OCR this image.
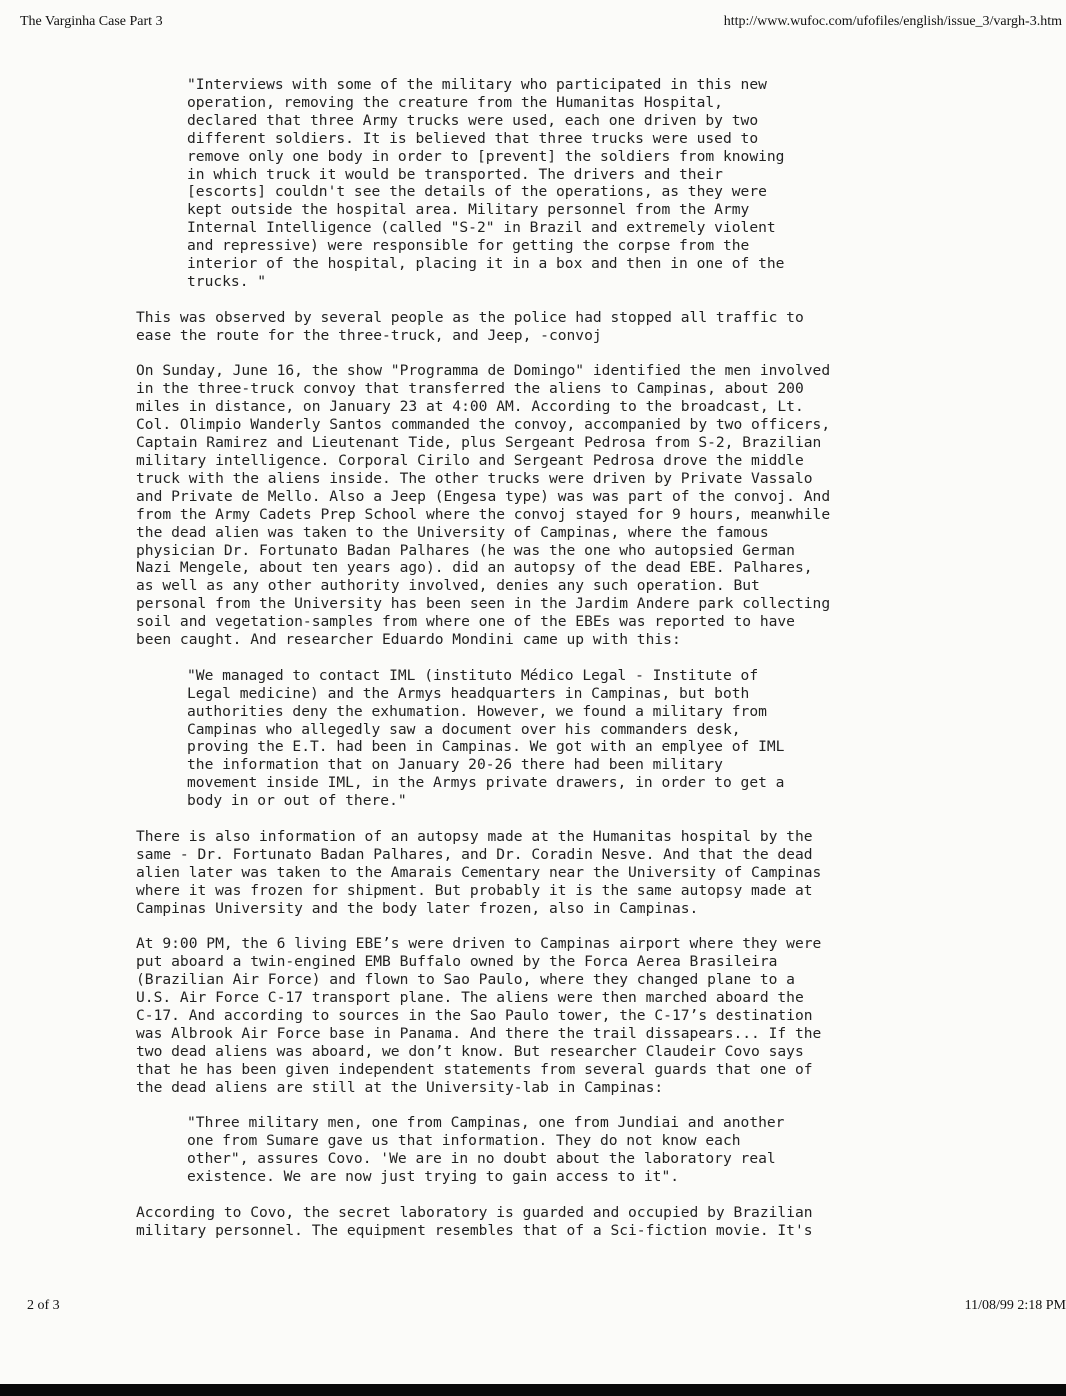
The Varginha Case Part 3	http://www.wufoc.com/ufofiles/english/issue_3/vargh-3.htm

"Interviews with some of the military who participated in this new
operation, removing the creature from the Humanitas Hospital,
declared that three Army trucks were used, each one driven by two
different soldiers. It is believed that three trucks were used to
remove only one body in order to [prevent] the soldiers from knowing
in which truck it would be transported. The drivers and their
[escorts] couldn't see the details of the operations, as they were
kept outside the hospital area. Military personnel from the Army
Internal Intelligence (called "S-2" in Brazil and extremely violent
and repressive) were responsible for getting the corpse from the
interior of the hospital, placing it in a box and then in one of the
trucks. "

This was observed by several people as the police had stopped all traffic to
ease the route for the three-truck, and Jeep, -convoj

On Sunday, June 16, the show "Programma de Domingo" identified the men involved
in the three-truck convoy that transferred the aliens to Campinas, about 200
miles in distance, on January 23 at 4:00 AM. According to the broadcast, Lt.
Col. Olimpio Wanderly Santos commanded the convoy, accompanied by two officers,
Captain Ramirez and Lieutenant Tide, plus Sergeant Pedrosa from S-2, Brazilian
military intelligence. Corporal Cirilo and Sergeant Pedrosa drove the middle
truck with the aliens inside. The other trucks were driven by Private Vassalo
and Private de Mello. Also a Jeep (Engesa type) was was part of the convoj. And
from the Army Cadets Prep School where the convoj stayed for 9 hours, meanwhile
the dead alien was taken to the University of Campinas, where the famous
physician Dr. Fortunato Badan Palhares (he was the one who autopsied German
Nazi Mengele, about ten years ago). did an autopsy of the dead EBE. Palhares,
as well as any other authority involved, denies any such operation. But
personal from the University has been seen in the Jardim Andere park collecting
soil and vegetation-samples from where one of the EBEs was reported to have
been caught. And researcher Eduardo Mondini came up with this:

"We managed to contact IML (instituto Médico Legal - Institute of
Legal medicine) and the Armys headquarters in Campinas, but both
authorities deny the exhumation. However, we found a military from
Campinas who allegedly saw a document over his commanders desk,
proving the E.T. had been in Campinas. We got with an emplyee of IML
the information that on January 20-26 there had been military
movement inside IML, in the Armys private drawers, in order to get a
body in or out of there."

There is also information of an autopsy made at the Humanitas hospital by the
same - Dr. Fortunato Badan Palhares, and Dr. Coradin Nesve. And that the dead
alien later was taken to the Amarais Cementary near the University of Campinas
where it was frozen for shipment. But probably it is the same autopsy made at
Campinas University and the body later frozen, also in Campinas.

At 9:00 PM, the 6 living EBE’s were driven to Campinas airport where they were
put aboard a twin-engined EMB Buffalo owned by the Forca Aerea Brasileira
(Brazilian Air Force) and flown to Sao Paulo, where they changed plane to a
U.S. Air Force C-17 transport plane. The aliens were then marched aboard the
C-17. And according to sources in the Sao Paulo tower, the C-17’s destination
was Albrook Air Force base in Panama. And there the trail dissapears... If the
two dead aliens was aboard, we don’t know. But researcher Claudeir Covo says
that he has been given independent statements from several guards that one of
the dead aliens are still at the University-lab in Campinas:

"Three military men, one from Campinas, one from Jundiai and another
one from Sumare gave us that information. They do not know each
other", assures Covo. 'We are in no doubt about the laboratory real
existence. We are now just trying to gain access to it".

According to Covo, the secret laboratory is guarded and occupied by Brazilian
military personnel. The equipment resembles that of a Sci-fiction movie. It's

2 of 3	11/08/99 2:18 PM
